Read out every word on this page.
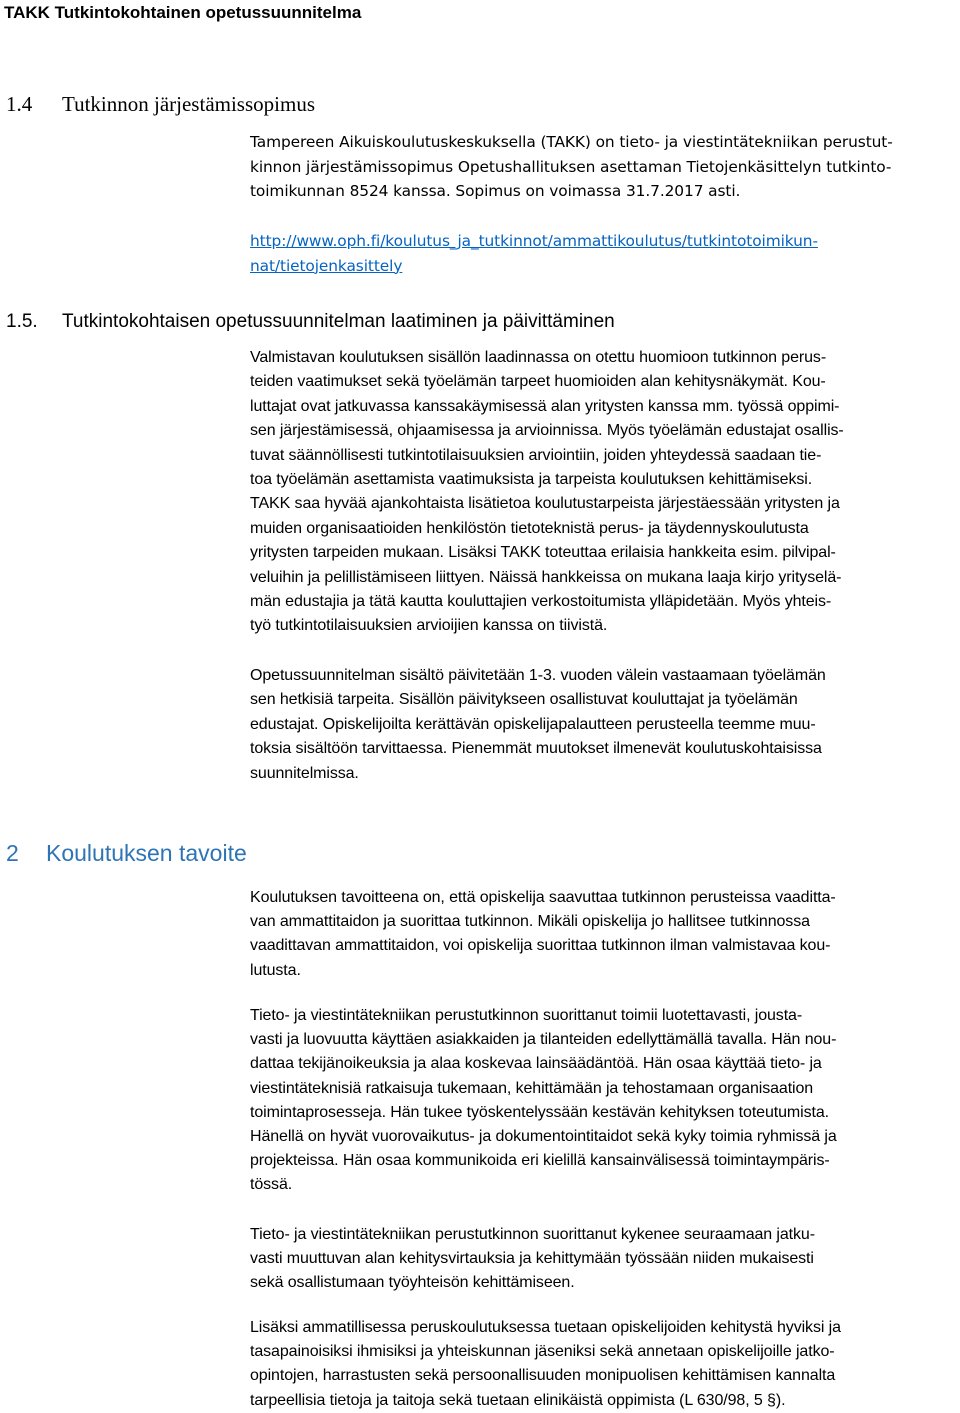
TAKK Tutkintokohtainen opetussuunnitelma
1.4 Tutkinnon järjestämissopimus
Tampereen Aikuiskoulutuskeskuksella (TAKK) on tieto- ja viestintätekniikan perustut-
kinnon järjestämissopimus Opetushallituksen asettaman Tietojenkäsittelyn tutkinto-
toimikunnan 8524 kanssa. Sopimus on voimassa 31.7.2017 asti.
http://www.oph.fi/koulutus_ja_tutkinnot/ammattikoulutus/tutkintotoimikun-
nat/tietojenkasittely
1.5. Tutkintokohtaisen opetussuunnitelman laatiminen ja päivittäminen
Valmistavan koulutuksen sisällön laadinnassa on otettu huomioon tutkinnon perus-
teiden vaatimukset sekä työelämän tarpeet huomioiden alan kehitysnäkymät. Kou-
luttajat ovat jatkuvassa kanssakäymisessä alan yritysten kanssa mm. työssä oppimi-
sen järjestämisessä, ohjaamisessa ja arvioinnissa. Myös työelämän edustajat osallis-
tuvat säännöllisesti tutkintotilaisuuksien arviointiin, joiden yhteydessä saadaan tie-
toa työelämän asettamista vaatimuksista ja tarpeista koulutuksen kehittämiseksi.
TAKK saa hyvää ajankohtaista lisätietoa koulutustarpeista järjestäessään yritysten ja
muiden organisaatioiden henkilöstön tietoteknistä perus- ja täydennyskoulutusta
yritysten tarpeiden mukaan. Lisäksi TAKK toteuttaa erilaisia hankkeita esim. pilvipal-
veluihin ja pelillistämiseen liittyen. Näissä hankkeissa on mukana laaja kirjo yrityselä-
män edustajia ja tätä kautta kouluttajien verkostoitumista ylläpidetään. Myös yhteis-
työ tutkintotilaisuuksien arvioijien kanssa on tiivistä.
Opetussuunnitelman sisältö päivitetään 1-3. vuoden välein vastaamaan työelämän
sen hetkisiä tarpeita. Sisällön päivitykseen osallistuvat kouluttajat ja työelämän
edustajat. Opiskelijoilta kerättävän opiskelijapalautteen perusteella teemme muu-
toksia sisältöön tarvittaessa. Pienemmät muutokset ilmenevät koulutuskohtaisissa
suunnitelmissa.
2 Koulutuksen tavoite
Koulutuksen tavoitteena on, että opiskelija saavuttaa tutkinnon perusteissa vaaditta-
van ammattitaidon ja suorittaa tutkinnon. Mikäli opiskelija jo hallitsee tutkinnossa
vaadittavan ammattitaidon, voi opiskelija suorittaa tutkinnon ilman valmistavaa kou-
lutusta.
Tieto- ja viestintätekniikan perustutkinnon suorittanut toimii luotettavasti, jousta-
vasti ja luovuutta käyttäen asiakkaiden ja tilanteiden edellyttämällä tavalla. Hän nou-
dattaa tekijänoikeuksia ja alaa koskevaa lainsäädäntöä. Hän osaa käyttää tieto- ja
viestintäteknisiä ratkaisuja tukemaan, kehittämään ja tehostamaan organisaation
toimintaprosesseja. Hän tukee työskentelyssään kestävän kehityksen toteutumista.
Hänellä on hyvät vuorovaikutus- ja dokumentointitaidot sekä kyky toimia ryhmissä ja
projekteissa. Hän osaa kommunikoida eri kielillä kansainvälisessä toimintaympäris-
tössä.
Tieto- ja viestintätekniikan perustutkinnon suorittanut kykenee seuraamaan jatku-
vasti muuttuvan alan kehitysvirtauksia ja kehittymään työssään niiden mukaisesti
sekä osallistumaan työyhteisön kehittämiseen.
Lisäksi ammatillisessa peruskoulutuksessa tuetaan opiskelijoiden kehitystä hyviksi ja
tasapainoisiksi ihmisiksi ja yhteiskunnan jäseniksi sekä annetaan opiskelijoille jatko-
opintojen, harrastusten sekä persoonallisuuden monipuolisen kehittämisen kannalta
tarpeellisia tietoja ja taitoja sekä tuetaan elinikäistä oppimista (L 630/98, 5 §).
